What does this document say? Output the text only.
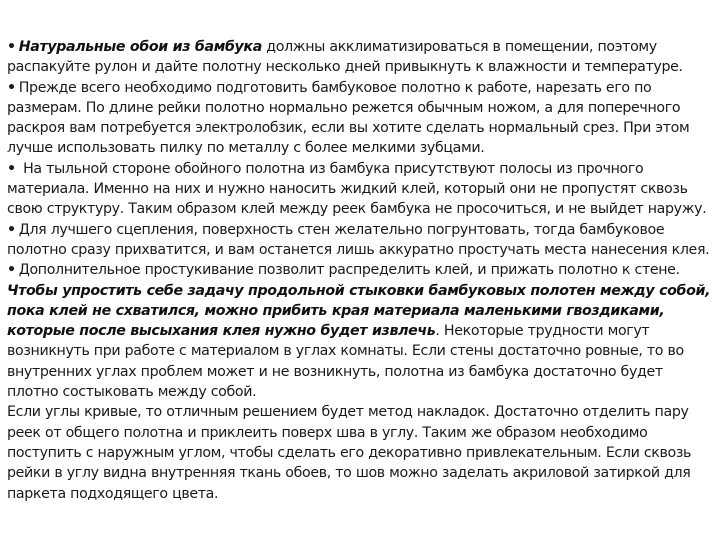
• Натуральные обои из бамбука должны акклиматизироваться в помещении, поэтому распакуйте рулон и дайте полотну несколько дней привыкнуть к влажности и температуре.

• Прежде всего необходимо подготовить бамбуковое полотно к работе, нарезать его по размерам. По длине рейки полотно нормально режется обычным ножом, а для поперечного раскроя вам потребуется электролобзик, если вы хотите сделать нормальный срез. При этом лучше использовать пилку по металлу с более мелкими зубцами.

• На тыльной стороне обойного полотна из бамбука присутствуют полосы из прочного материала. Именно на них и нужно наносить жидкий клей, который они не пропустят сквозь свою структуру. Таким образом клей между реек бамбука не просочиться, и не выйдет наружу.

• Для лучшего сцепления, поверхность стен желательно погрунтовать, тогда бамбуковое полотно сразу прихватится, и вам останется лишь аккуратно простучать места нанесения клея.

• Дополнительное простукивание позволит распределить клей, и прижать полотно к стене.

Чтобы упростить себе задачу продольной стыковки бамбуковых полотен между собой, пока клей не схватился, можно прибить края материала маленькими гвоздиками, которые после высыхания клея нужно будет извлечь. Некоторые трудности могут возникнуть при работе с материалом в углах комнаты. Если стены достаточно ровные, то во внутренних углах проблем может и не возникнуть, полотна из бамбука достаточно будет плотно состыковать между собой.

Если углы кривые, то отличным решением будет метод накладок. Достаточно отделить пару реек от общего полотна и приклеить поверх шва в углу. Таким же образом необходимо поступить с наружным углом, чтобы сделать его декоративно привлекательным. Если сквозь рейки в углу видна внутренняя ткань обоев, то шов можно заделать акриловой затиркой для паркета подходящего цвета.
